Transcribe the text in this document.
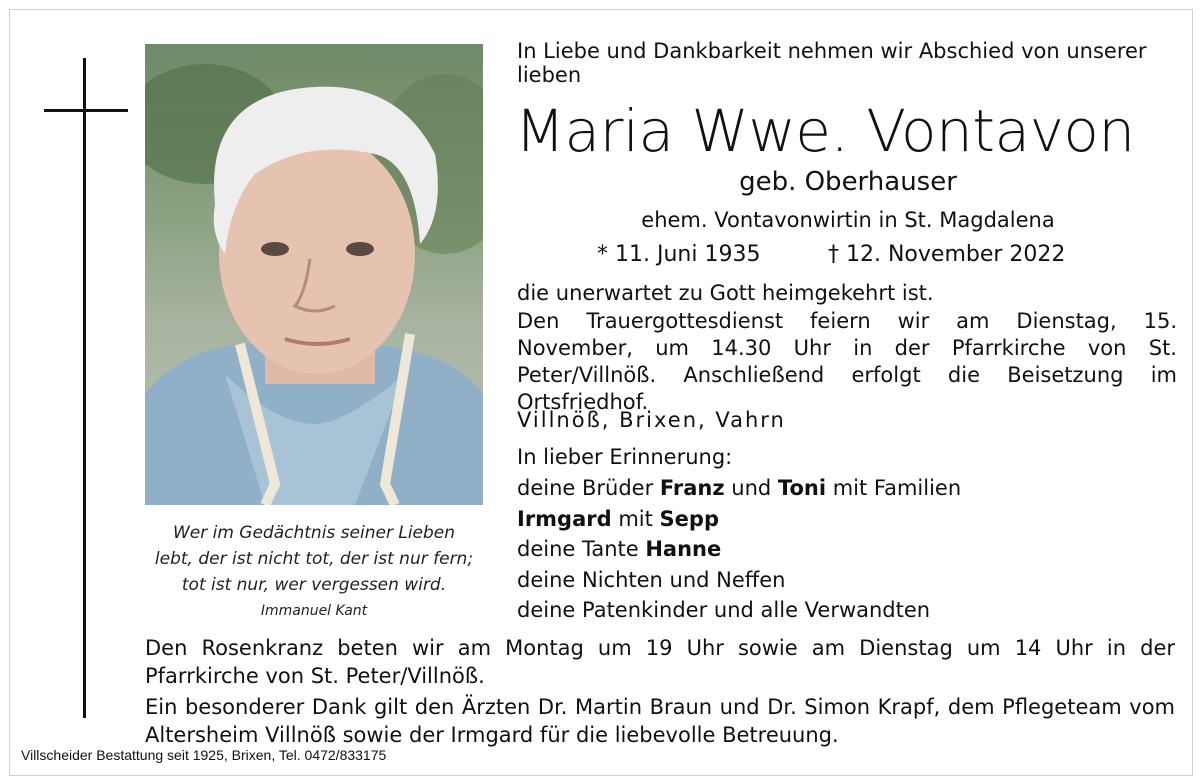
Wer im Gedächtnis seiner Lieben
lebt, der ist nicht tot, der ist nur fern;
tot ist nur, wer vergessen wird.
Immanuel Kant
In Liebe und Dankbarkeit nehmen wir Abschied von unserer lieben
Maria Wwe. Vontavon
geb. Oberhauser
ehem. Vontavonwirtin in St. Magdalena
* 11. Juni 1935	† 12. November 2022
die unerwartet zu Gott heimgekehrt ist.
Den Trauergottesdienst feiern wir am Dienstag, 15. November, um 14.30 Uhr in der Pfarrkirche von St. Peter/Villnöß. Anschließend erfolgt die Beisetzung im Ortsfriedhof.
Villnöß, Brixen, Vahrn
In lieber Erinnerung:
deine Brüder Franz und Toni mit Familien
Irmgard mit Sepp
deine Tante Hanne
deine Nichten und Neffen
deine Patenkinder und alle Verwandten
Den Rosenkranz beten wir am Montag um 19 Uhr sowie am Dienstag um 14 Uhr in der Pfarrkirche von St. Peter/Villnöß.
Ein besonderer Dank gilt den Ärzten Dr. Martin Braun und Dr. Simon Krapf, dem Pflegeteam vom Altersheim Villnöß sowie der Irmgard für die liebevolle Betreuung.
Villscheider Bestattung seit 1925, Brixen, Tel. 0472/833175
